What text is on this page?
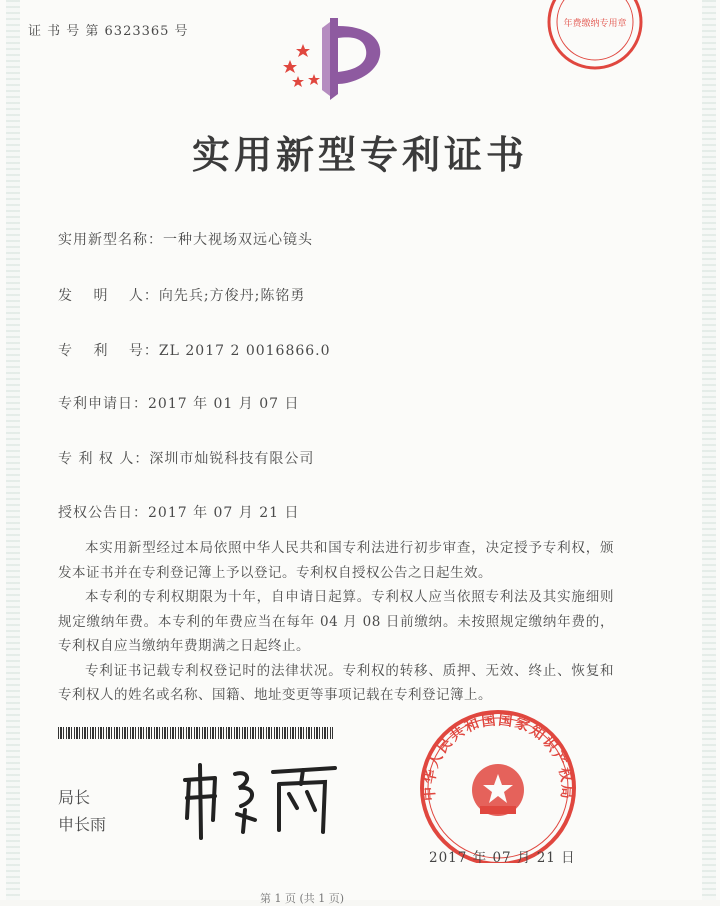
证 书 号 第 6323365 号	年费缴纳专用章
实用新型专利证书
实用新型名称：一种大视场双远心镜头
发　 明 　人：向先兵;方俊丹;陈铭勇
专　 利 　号：ZL 2017 2 0016866.0
专利申请日：2017 年 01 月 07 日
专 利 权 人：深圳市灿锐科技有限公司
授权公告日：2017 年 07 月 21 日

本实用新型经过本局依照中华人民共和国专利法进行初步审查，决定授予专利权，颁发本证书并在专利登记簿上予以登记。专利权自授权公告之日起生效。

本专利的专利权期限为十年，自申请日起算。专利权人应当依照专利法及其实施细则规定缴纳年费。本专利的年费应当在每年 04 月 08 日前缴纳。未按照规定缴纳年费的，专利权自应当缴纳年费期满之日起终止。

专利证书记载专利权登记时的法律状况。专利权的转移、质押、无效、终止、恢复和专利权人的姓名或名称、国籍、地址变更等事项记载在专利登记簿上。

局长
申长雨
中华人民共和国国家知识产权局
2017 年 07 月 21 日
第 1 页 (共 1 页)
